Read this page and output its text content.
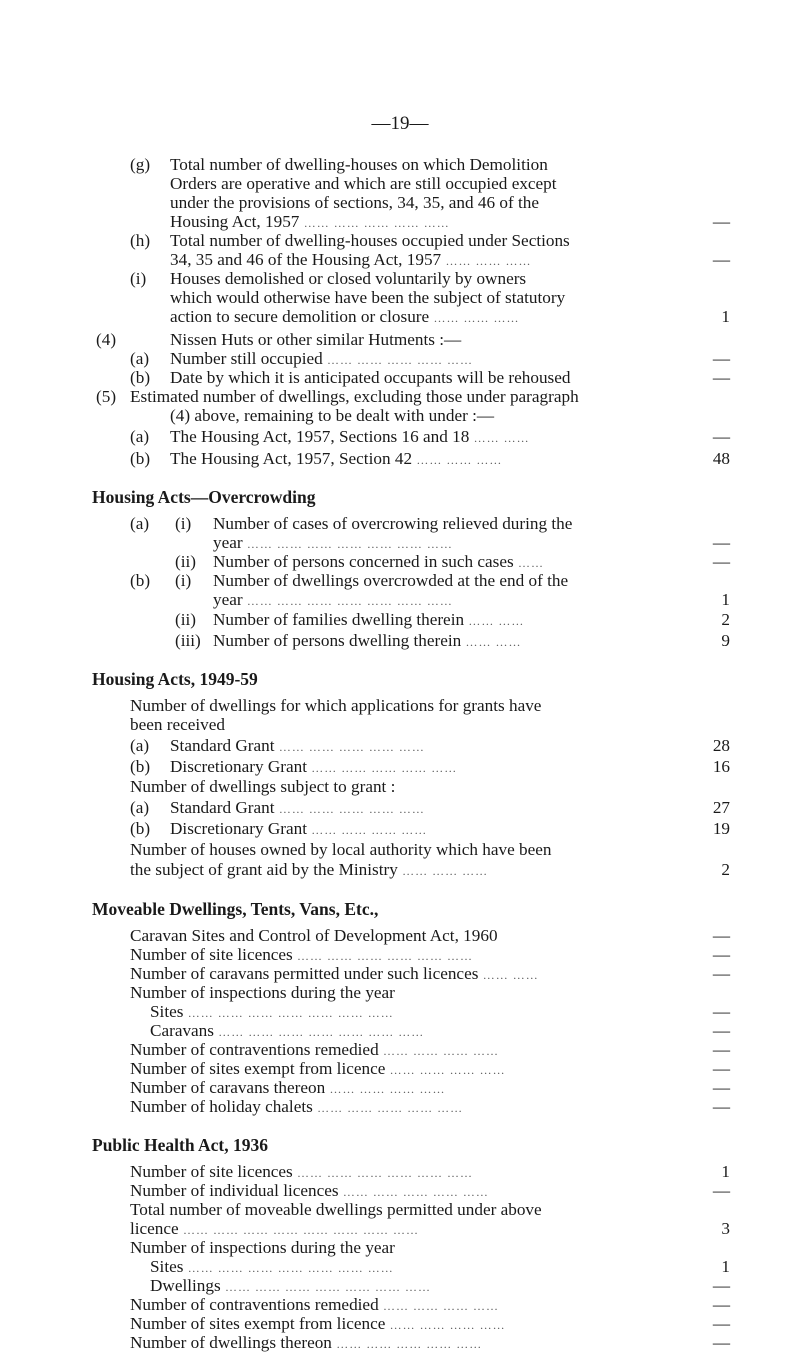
—19—
(g) Total number of dwelling-houses on which Demolition
Orders are operative and which are still occupied except
under the provisions of sections, 34, 35, and 46 of the
Housing Act, 1957 …… …… …… …… ……	—
(h) Total number of dwelling-houses occupied under Sections
34, 35 and 46 of the Housing Act, 1957 …… …… ……	—
(i) Houses demolished or closed voluntarily by owners
which would otherwise have been the subject of statutory
action to secure demolition or closure …… …… ……	1
(4)	Nissen Huts or other similar Hutments :—
(a) Number still occupied …… …… …… …… ……	—
(b) Date by which it is anticipated occupants will be rehoused	—
(5) Estimated number of dwellings, excluding those under paragraph
(4) above, remaining to be dealt with under :—
(a) The Housing Act, 1957, Sections 16 and 18 …… ……	—
(b) The Housing Act, 1957, Section 42 …… …… ……	48
Housing Acts—Overcrowding
(a) (i) Number of cases of overcrowing relieved during the
year …… …… …… …… …… …… ……	—
(ii) Number of persons concerned in such cases ……	—
(b) (i) Number of dwellings overcrowded at the end of the
year …… …… …… …… …… …… ……	1
(ii) Number of families dwelling therein …… ……	2
(iii) Number of persons dwelling therein …… ……	9
Housing Acts, 1949-59
Number of dwellings for which applications for grants have
been received
(a) Standard Grant …… …… …… …… ……	28
(b) Discretionary Grant …… …… …… …… ……	16
Number of dwellings subject to grant :
(a) Standard Grant …… …… …… …… ……	27
(b) Discretionary Grant …… …… …… ……	19
Number of houses owned by local authority which have been
the subject of grant aid by the Ministry …… …… ……	2
Moveable Dwellings, Tents, Vans, Etc.,
Caravan Sites and Control of Development Act, 1960	—
Number of site licences …… …… …… …… …… ……	—
Number of caravans permitted under such licences …… ……	—
Number of inspections during the year
Sites …… …… …… …… …… …… ……	—
Caravans …… …… …… …… …… …… ……	—
Number of contraventions remedied …… …… …… ……	—
Number of sites exempt from licence …… …… …… ……	—
Number of caravans thereon …… …… …… ……	—
Number of holiday chalets …… …… …… …… ……	—
Public Health Act, 1936
Number of site licences …… …… …… …… …… ……	1
Number of individual licences …… …… …… …… ……	—
Total number of moveable dwellings permitted under above
licence …… …… …… …… …… …… …… ……	3
Number of inspections during the year
Sites …… …… …… …… …… …… ……	1
Dwellings …… …… …… …… …… …… ……	—
Number of contraventions remedied …… …… …… ……	—
Number of sites exempt from licence …… …… …… ……	—
Number of dwellings thereon …… …… …… …… ……	—
